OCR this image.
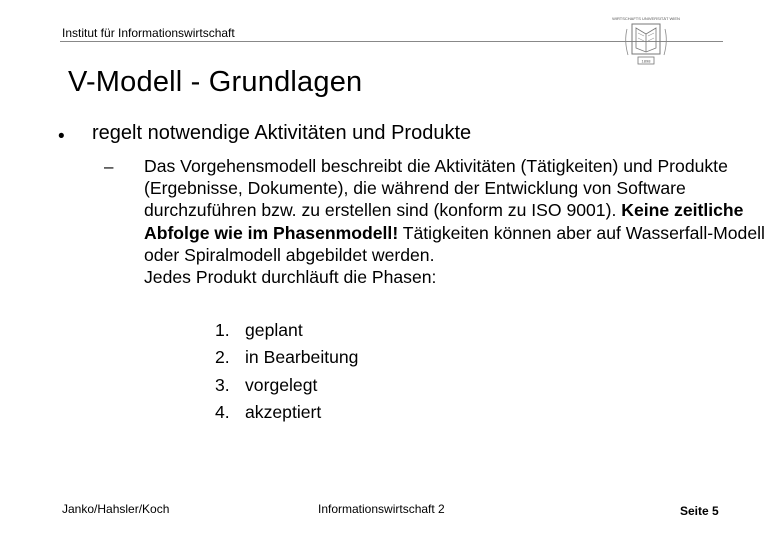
Institut für Informationswirtschaft
WIRTSCHAFTS UNIVERSITÄT WIEN
1898
V-Modell - Grundlagen
• regelt notwendige Aktivitäten und Produkte
– Das Vorgehensmodell beschreibt die Aktivitäten (Tätigkeiten) und Produkte (Ergebnisse, Dokumente), die während der Entwicklung von Software durchzuführen bzw. zu erstellen sind (konform zu ISO 9001). Keine zeitliche Abfolge wie im Phasenmodell! Tätigkeiten können aber auf Wasserfall-Modell oder Spiralmodell abgebildet werden.
Jedes Produkt durchläuft die Phasen:
1. geplant
2. in Bearbeitung
3. vorgelegt
4. akzeptiert
Janko/Hahsler/Koch	Informationswirtschaft 2	Seite 5
